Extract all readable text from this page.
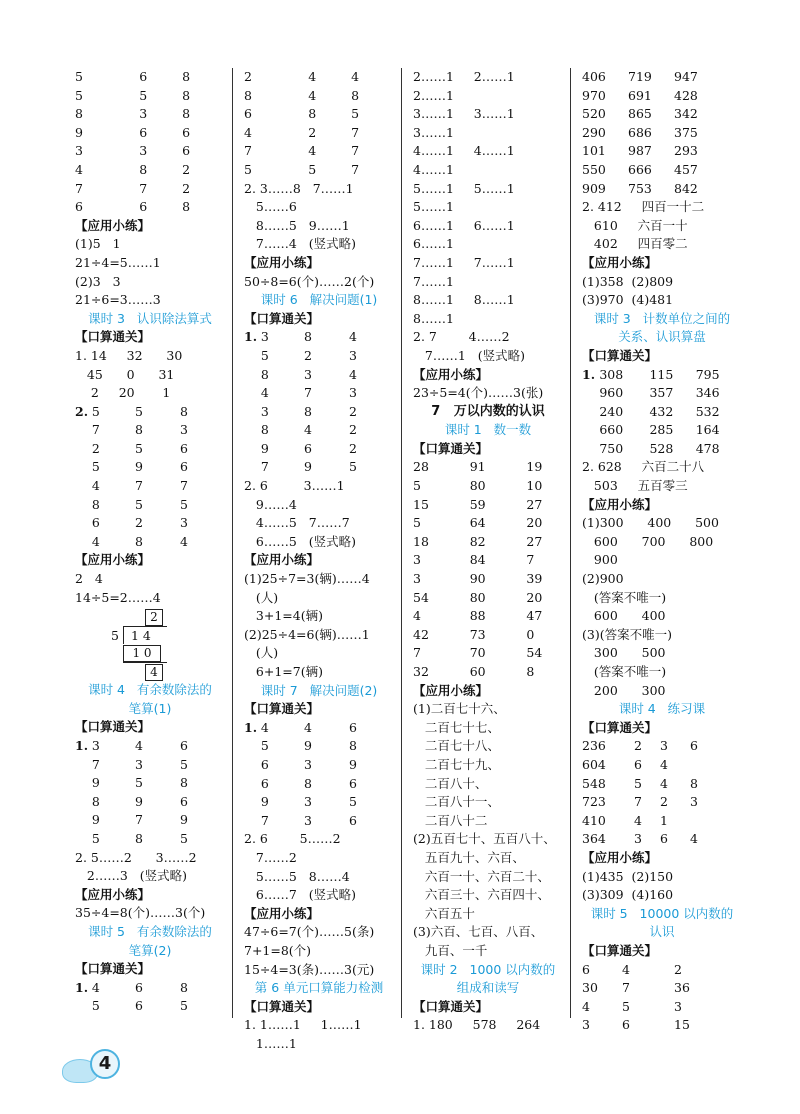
5	6	8
5	5	8
8	3	8
9	6	6
3	3	6
4	8	2
7	7	2
6	6	8
【应用小练】
(1)5   1
21÷4=5……1
(2)3   3
21÷6=3……3
课时 3   认识除法算式
【口算通关】
1. 14     32      30
45      0      31
2     20       1
2. 5	5	8
7	8	3
2	5	6
5	9	6
4	7	7
8	5	5
6	2	3
4	8	4
【应用小练】
2   4
14÷5=2……4
2
5 1 4
1 0
4
课时 4   有余数除法的
笔算(1)
【口算通关】
1. 3	4	6
7	3	5
9	5	8
8	9	6
9	7	9
5	8	5
2. 5……2      3……2
2……3   (竖式略)
【应用小练】
35÷4=8(个)……3(个)
课时 5   有余数除法的
笔算(2)
【口算通关】
1. 4	6	8
5	6	5
2	4	4
8	4	8
6	8	5
4	2	7
7	4	7
5	5	7
2. 3……8   7……1
5……6
8……5   9……1
7……4   (竖式略)
【应用小练】
50÷8=6(个)……2(个)
课时 6   解决问题(1)
【口算通关】
1. 3	8	4
5	2	3
8	3	4
4	7	3
3	8	2
8	4	2
9	6	2
7	9	5
2. 6         3……1
9……4
4……5   7……7
6……5   (竖式略)
【应用小练】
(1)25÷7=3(辆)……4
(人)
3+1=4(辆)
(2)25÷4=6(辆)……1
(人)
6+1=7(辆)
课时 7   解决问题(2)
【口算通关】
1. 4	4	6
5	9	8
6	3	9
6	8	6
9	3	5
7	3	6
2. 6        5……2
7……2
5……5   8……4
6……7   (竖式略)
【应用小练】
47÷6=7(个)……5(条)
7+1=8(个)
15÷4=3(条)……3(元)
第 6 单元口算能力检测
【口算通关】
1. 1……1     1……1
1……1
2……1     2……1
2……1
3……1     3……1
3……1
4……1     4……1
4……1
5……1     5……1
5……1
6……1     6……1
6……1
7……1     7……1
7……1
8……1     8……1
8……1
2. 7        4……2
7……1   (竖式略)
【应用小练】
23÷5=4(个)……3(张)
7   万以内数的认识
课时 1   数一数
【口算通关】
28	91	19
5	80	10
15	59	27
5	64	20
18	82	27
3	84	7
3	90	39
54	80	20
4	88	47
42	73	0
7	70	54
32	60	8
【应用小练】
(1)二百七十六、
二百七十七、
二百七十八、
二百七十九、
二百八十、
二百八十一、
二百八十二
(2)五百七十、五百八十、
五百九十、六百、
六百一十、六百二十、
六百三十、六百四十、
六百五十
(3)六百、七百、八百、
九百、一千
课时 2   1000 以内数的
组成和读写
【口算通关】
1. 180     578     264
406	719	947
970	691	428
520	865	342
290	686	375
101	987	293
550	666	457
909	753	842
2. 412     四百一十二
610     六百一十
402     四百零二
【应用小练】
(1)358  (2)809
(3)970  (4)481
课时 3   计数单位之间的
关系、认识算盘
【口算通关】
1. 308	115	795
960	357	346
240	432	532
660	285	164
750	528	478
2. 628     六百二十八
503     五百零三
【应用小练】
(1)300      400      500
600      700      800
900
(2)900
(答案不唯一)
600      400
(3)(答案不唯一)
300      500
(答案不唯一)
200      300
课时 4   练习课
【口算通关】
236	2	3	6
604	6	4
548	5	4	8
723	7	2	3
410	4	1
364	3	6	4
【应用小练】
(1)435  (2)150
(3)309  (4)160
课时 5   10000 以内数的
认识
【口算通关】
6	4	2
30	7	36
4	5	3
3	6	15
4
